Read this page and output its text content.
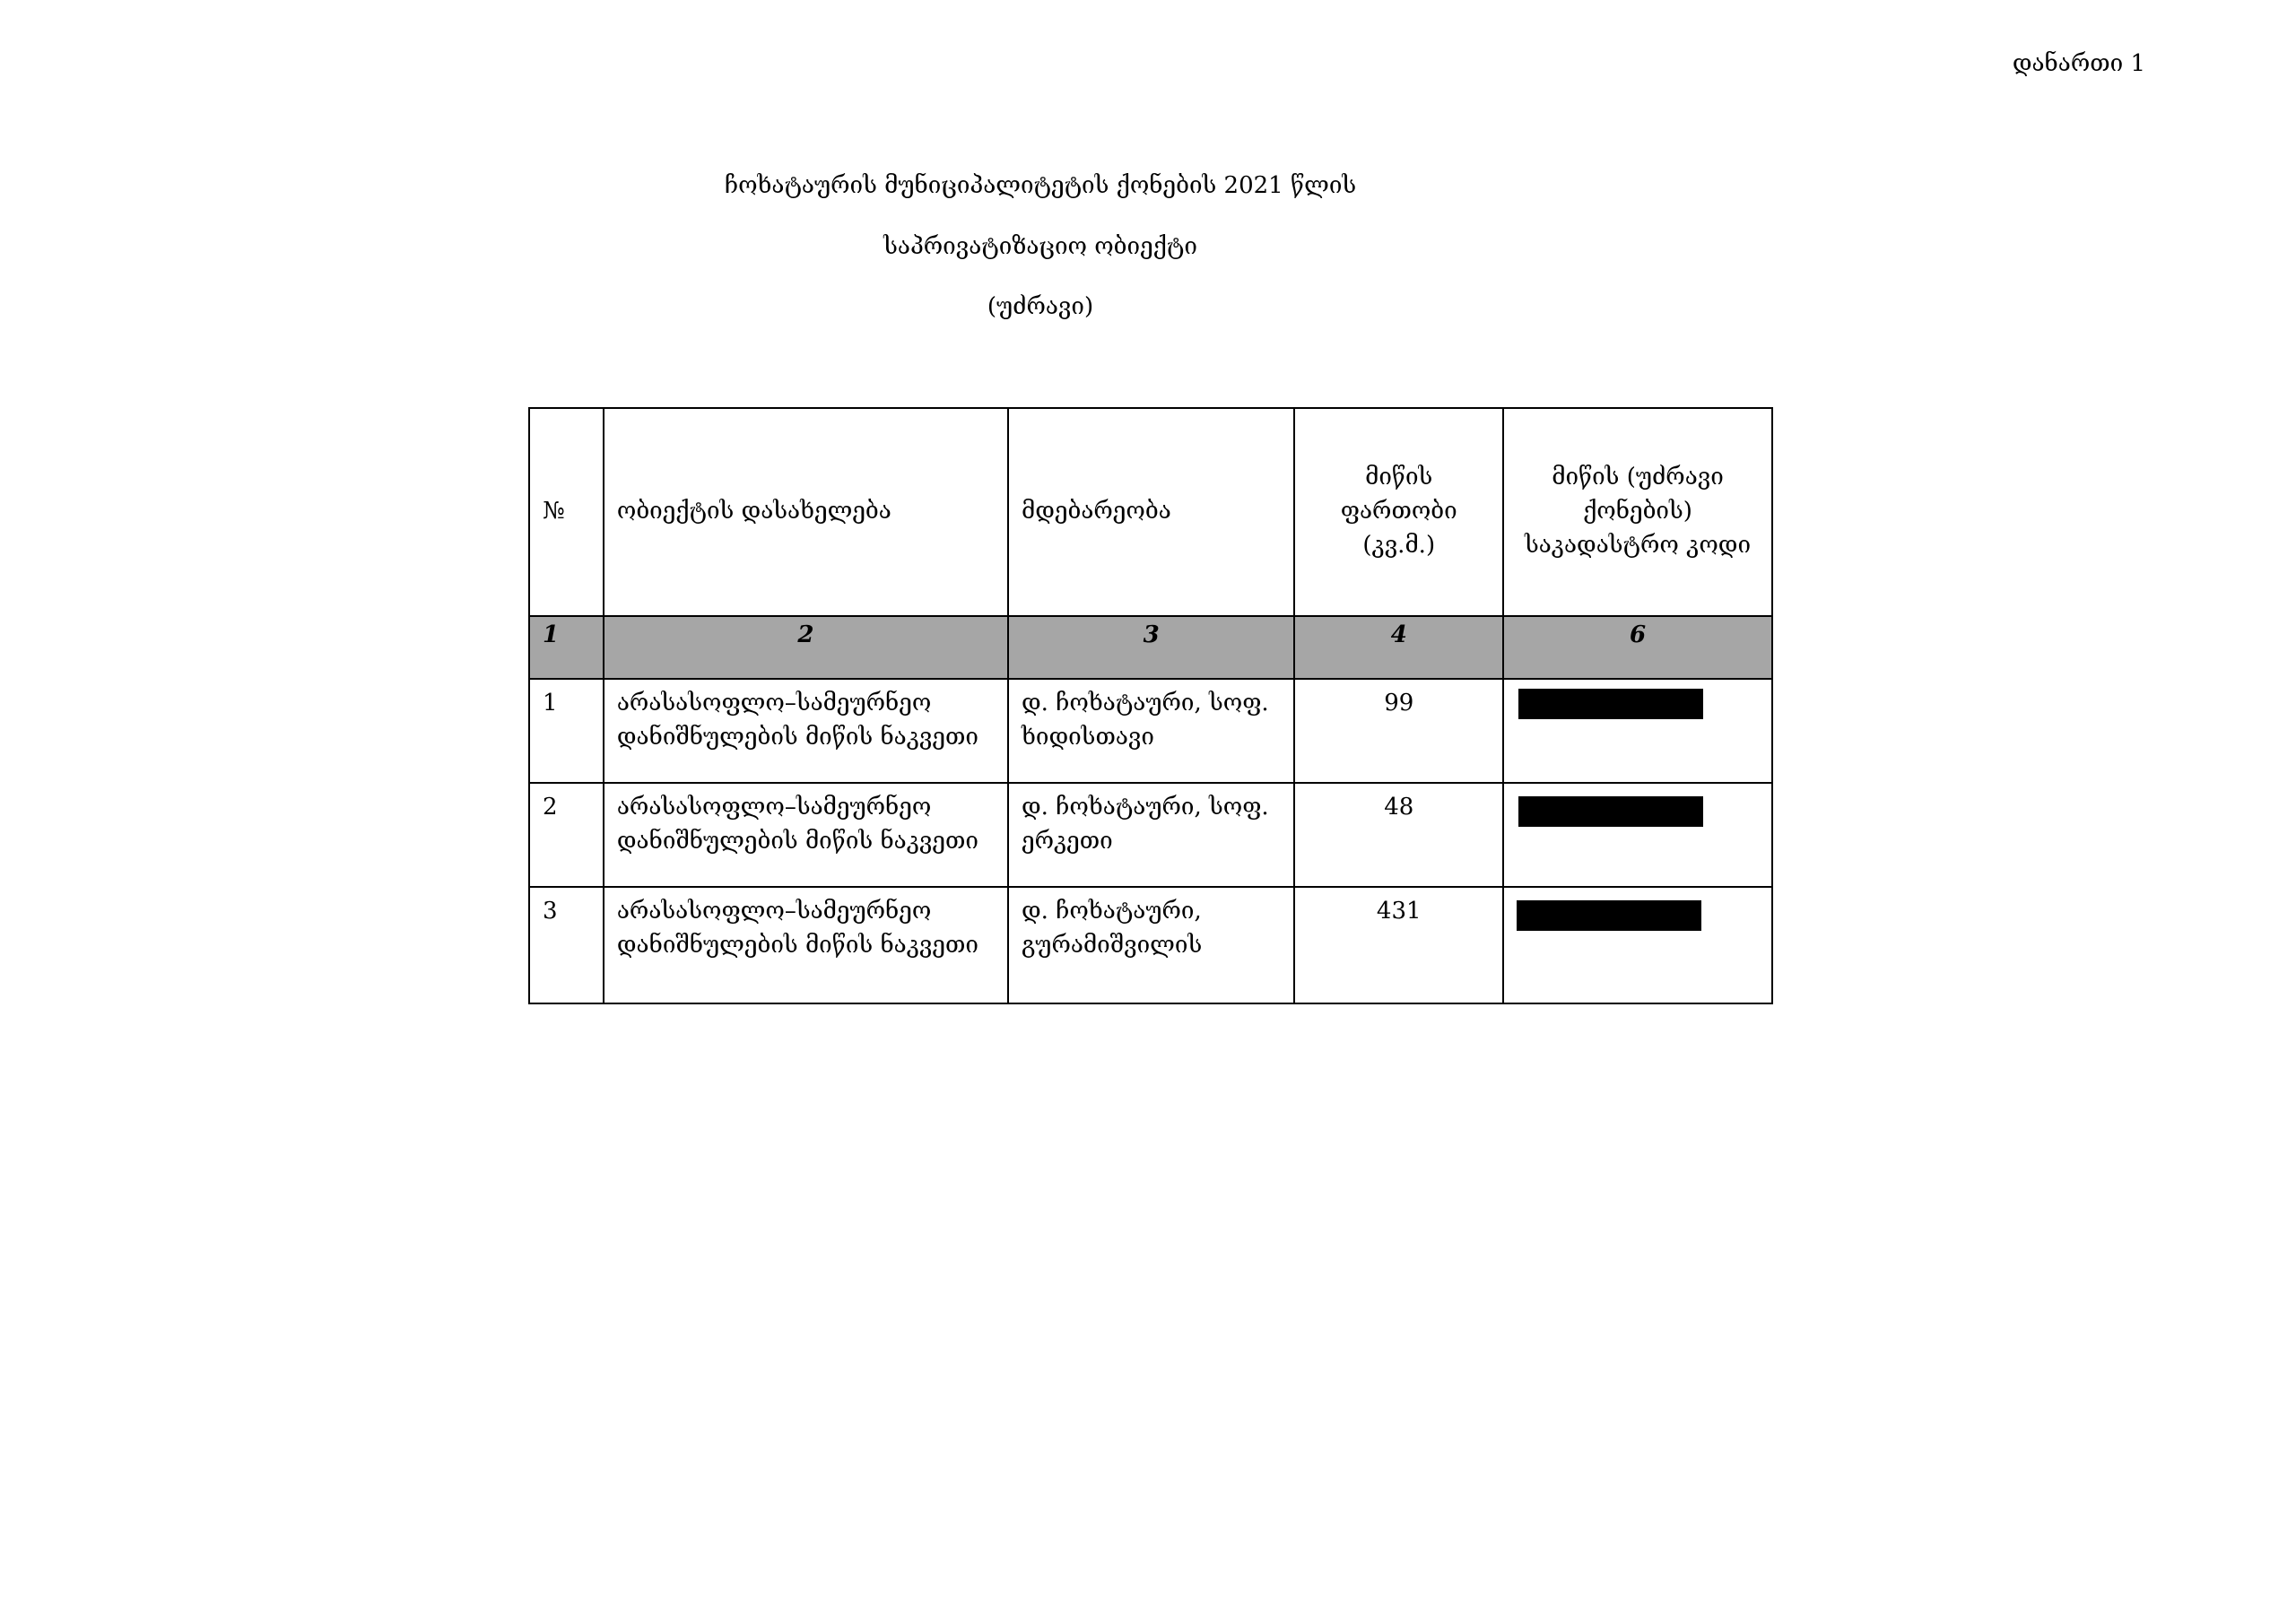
დანართი 1
ჩოხატაურის მუნიციპალიტეტის ქონების 2021 წლის
საპრივატიზაციო ობიექტი
(უძრავი)
№	ობიექტის დასახელება	მდებარეობა	მიწის ფართობი (კვ.მ.)	მიწის (უძრავი ქონების) საკადასტრო კოდი
1	2	3	4	6
1	არასასოფლო–სამეურნეო დანიშნულების მიწის ნაკვეთი	დ. ჩოხატაური, სოფ. ხიდისთავი	99	

2	არასასოფლო–სამეურნეო დანიშნულების მიწის ნაკვეთი	დ. ჩოხატაური, სოფ. ერკეთი	48	

3	არასასოფლო–სამეურნეო დანიშნულების მიწის ნაკვეთი	დ. ჩოხატაური, გურამიშვილის	431	
